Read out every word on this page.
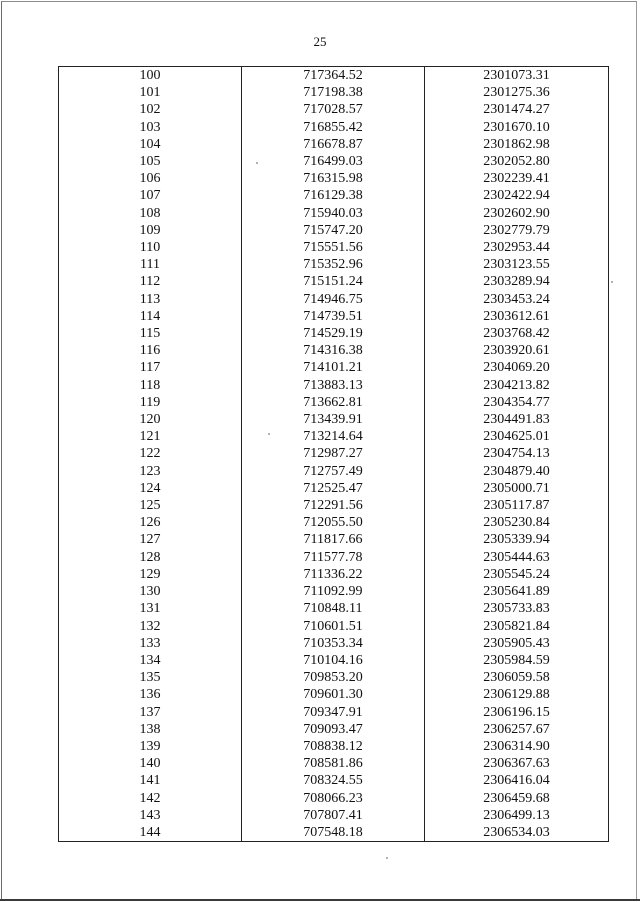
25
100	717364.52	2301073.31
101	717198.38	2301275.36
102	717028.57	2301474.27
103	716855.42	2301670.10
104	716678.87	2301862.98
105	716499.03	2302052.80
106	716315.98	2302239.41
107	716129.38	2302422.94
108	715940.03	2302602.90
109	715747.20	2302779.79
110	715551.56	2302953.44
111	715352.96	2303123.55
112	715151.24	2303289.94
113	714946.75	2303453.24
114	714739.51	2303612.61
115	714529.19	2303768.42
116	714316.38	2303920.61
117	714101.21	2304069.20
118	713883.13	2304213.82
119	713662.81	2304354.77
120	713439.91	2304491.83
121	713214.64	2304625.01
122	712987.27	2304754.13
123	712757.49	2304879.40
124	712525.47	2305000.71
125	712291.56	2305117.87
126	712055.50	2305230.84
127	711817.66	2305339.94
128	711577.78	2305444.63
129	711336.22	2305545.24
130	711092.99	2305641.89
131	710848.11	2305733.83
132	710601.51	2305821.84
133	710353.34	2305905.43
134	710104.16	2305984.59
135	709853.20	2306059.58
136	709601.30	2306129.88
137	709347.91	2306196.15
138	709093.47	2306257.67
139	708838.12	2306314.90
140	708581.86	2306367.63
141	708324.55	2306416.04
142	708066.23	2306459.68
143	707807.41	2306499.13
144	707548.18	2306534.03
